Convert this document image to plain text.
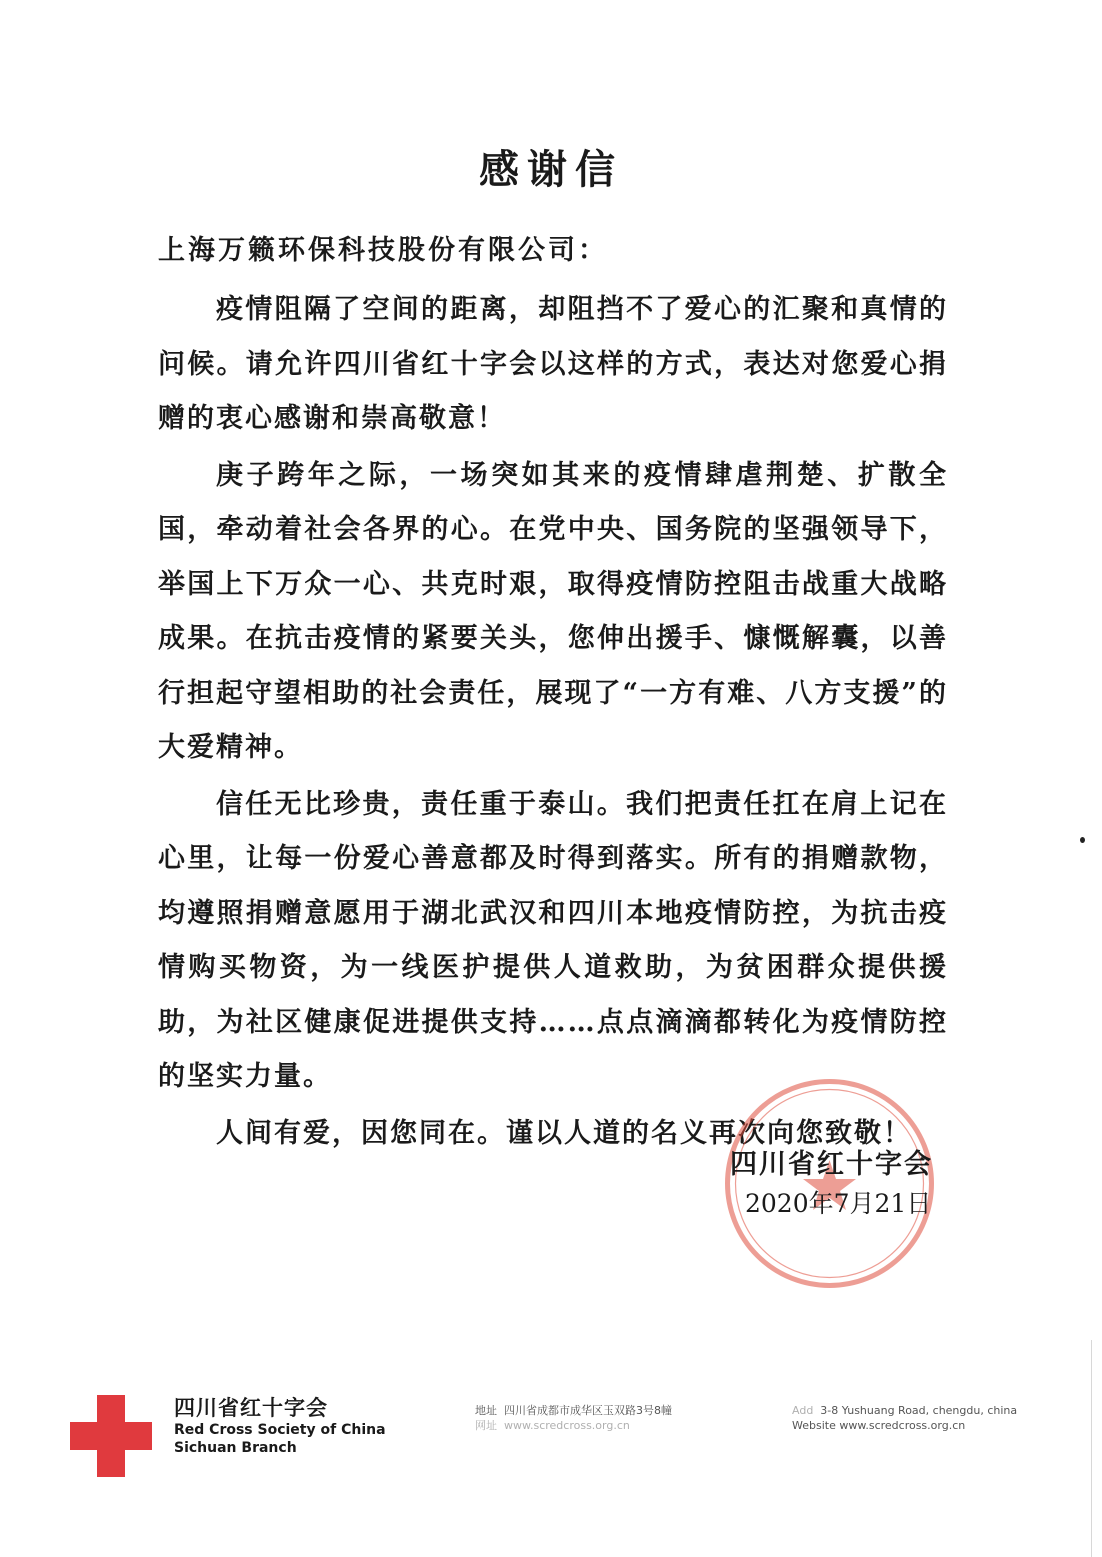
感谢信

上海万籁环保科技股份有限公司：

疫情阻隔了空间的距离，却阻挡不了爱心的汇聚和真情的问候。请允许四川省红十字会以这样的方式，表达对您爱心捐赠的衷心感谢和崇高敬意！

庚子跨年之际，一场突如其来的疫情肆虐荆楚、扩散全国，牵动着社会各界的心。在党中央、国务院的坚强领导下，举国上下万众一心、共克时艰，取得疫情防控阻击战重大战略成果。在抗击疫情的紧要关头，您伸出援手、慷慨解囊，以善行担起守望相助的社会责任，展现了“一方有难、八方支援”的大爱精神。

信任无比珍贵，责任重于泰山。我们把责任扛在肩上记在心里，让每一份爱心善意都及时得到落实。所有的捐赠款物，均遵照捐赠意愿用于湖北武汉和四川本地疫情防控，为抗击疫情购买物资，为一线医护提供人道救助，为贫困群众提供援助，为社区健康促进提供支持……点点滴滴都转化为疫情防控的坚实力量。

人间有爱，因您同在。谨以人道的名义再次向您致敬！

四川省红十字会

2020年7月21日

四川省红十字会
Red Cross Society of China
Sichuan Branch
地址 四川省成都市成华区玉双路3号8幢
网址 www.scredcross.org.cn
Add 3-8 Yushuang Road, chengdu, china
Website www.scredcross.org.cn
